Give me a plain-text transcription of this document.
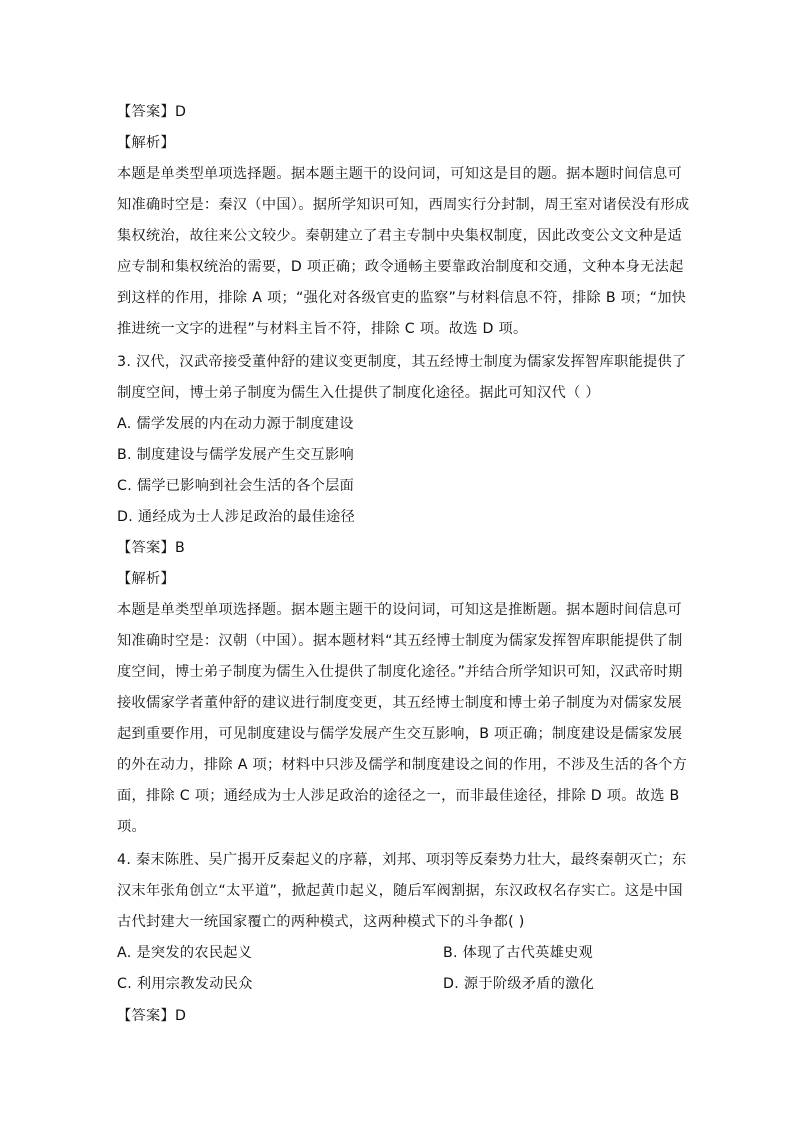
【答案】D
【解析】
本题是单类型单项选择题。据本题主题干的设问词，可知这是目的题。据本题时间信息可
知准确时空是：秦汉（中国）。据所学知识可知，西周实行分封制，周王室对诸侯没有形成
集权统治，故往来公文较少。秦朝建立了君主专制中央集权制度，因此改变公文文种是适
应专制和集权统治的需要，D 项正确；政令通畅主要靠政治制度和交通，文种本身无法起
到这样的作用，排除 A 项；“强化对各级官吏的监察”与材料信息不符，排除 B 项；“加快
推进统一文字的进程”与材料主旨不符，排除 C 项。故选 D 项。
3. 汉代，汉武帝接受董仲舒的建议变更制度，其五经博士制度为儒家发挥智库职能提供了
制度空间，博士弟子制度为儒生入仕提供了制度化途径。据此可知汉代（ ）
A. 儒学发展的内在动力源于制度建设
B. 制度建设与儒学发展产生交互影响
C. 儒学已影响到社会生活的各个层面
D. 通经成为士人涉足政治的最佳途径
【答案】B
【解析】
本题是单类型单项选择题。据本题主题干的设问词，可知这是推断题。据本题时间信息可
知准确时空是：汉朝（中国）。据本题材料“其五经博士制度为儒家发挥智库职能提供了制
度空间，博士弟子制度为儒生入仕提供了制度化途径。”并结合所学知识可知，汉武帝时期
接收儒家学者董仲舒的建议进行制度变更，其五经博士制度和博士弟子制度为对儒家发展
起到重要作用，可见制度建设与儒学发展产生交互影响，B 项正确；制度建设是儒家发展
的外在动力，排除 A 项；材料中只涉及儒学和制度建设之间的作用，不涉及生活的各个方
面，排除 C 项；通经成为士人涉足政治的途径之一，而非最佳途径，排除 D 项。故选 B
项。
4. 秦末陈胜、吴广揭开反秦起义的序幕，刘邦、项羽等反秦势力壮大，最终秦朝灭亡；东
汉末年张角创立“太平道”，掀起黄巾起义，随后军阀割据，东汉政权名存实亡。这是中国
古代封建大一统国家覆亡的两种模式，这两种模式下的斗争都( )
A. 是突发的农民起义	B. 体现了古代英雄史观
C. 利用宗教发动民众	D. 源于阶级矛盾的激化
【答案】D
